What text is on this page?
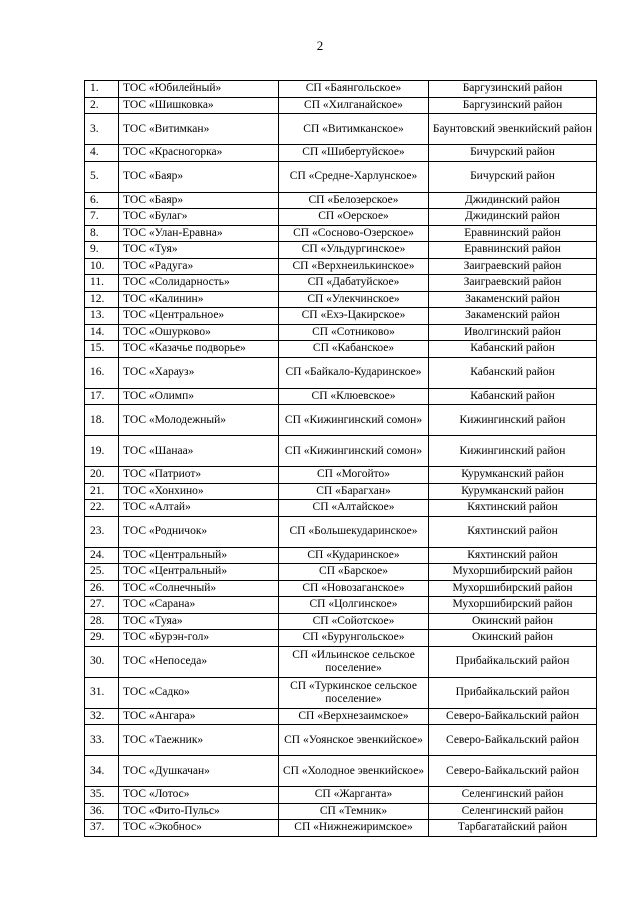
2
1.	ТОС «Юбилейный»	СП «Баянгольское»	Баргузинский район
2.	ТОС «Шишковка»	СП «Хилганайское»	Баргузинский район
3.	ТОС «Витимкан»	СП «Витимканское»	Баунтовский эвенкийский район
4.	ТОС «Красногорка»	СП «Шибертуйское»	Бичурский район
5.	ТОС «Баяр»	СП «Средне-Харлунское»	Бичурский район
6.	ТОС «Баяр»	СП «Белозерское»	Джидинский район
7.	ТОС «Булаг»	СП «Оерское»	Джидинский район
8.	ТОС «Улан-Еравна»	СП «Сосново-Озерское»	Еравнинский район
9.	ТОС «Туя»	СП «Ульдургинское»	Еравнинский район
10.	ТОС «Радуга»	СП «Верхнеилькинское»	Заиграевский район
11.	ТОС «Солидарность»	СП «Дабатуйское»	Заиграевский район
12.	ТОС «Калинин»	СП «Улекчинское»	Закаменский район
13.	ТОС «Центральное»	СП «Ехэ-Цакирское»	Закаменский район
14.	ТОС «Ошурково»	СП «Сотниково»	Иволгинский район
15.	ТОС «Казачье подворье»	СП «Кабанское»	Кабанский район
16.	ТОС «Харауз»	СП «Байкало-Кударинское»	Кабанский район
17.	ТОС «Олимп»	СП «Клюевское»	Кабанский район
18.	ТОС «Молодежный»	СП «Кижингинский сомон»	Кижингинский район
19.	ТОС «Шанаа»	СП «Кижингинский сомон»	Кижингинский район
20.	ТОС «Патриот»	СП «Могойто»	Курумканский район
21.	ТОС «Хонхино»	СП «Барагхан»	Курумканский район
22.	ТОС «Алтай»	СП «Алтайское»	Кяхтинский район
23.	ТОС «Родничок»	СП «Большекударинское»	Кяхтинский район
24.	ТОС «Центральный»	СП «Кударинское»	Кяхтинский район
25.	ТОС «Центральный»	СП «Барское»	Мухоршибирский район
26.	ТОС «Солнечный»	СП «Новозаганское»	Мухоршибирский район
27.	ТОС «Сарана»	СП «Цолгинское»	Мухоршибирский район
28.	ТОС «Туяа»	СП «Сойотское»	Окинский район
29.	ТОС «Бурэн-гол»	СП «Бурунгольское»	Окинский район
30.	ТОС «Непоседа»	СП «Ильинское сельское поселение»	Прибайкальский район
31.	ТОС «Садко»	СП «Туркинское сельское поселение»	Прибайкальский район
32.	ТОС «Ангара»	СП «Верхнезаимское»	Северо-Байкальский район
33.	ТОС «Таежник»	СП «Уоянское эвенкийское»	Северо-Байкальский район
34.	ТОС «Душкачан»	СП «Холодное эвенкийское»	Северо-Байкальский район
35.	ТОС «Лотос»	СП «Жарганта»	Селенгинский район
36.	ТОС «Фито-Пульс»	СП «Темник»	Селенгинский район
37.	ТОС «Экобнос»	СП «Нижнежиримское»	Тарбагатайский район
